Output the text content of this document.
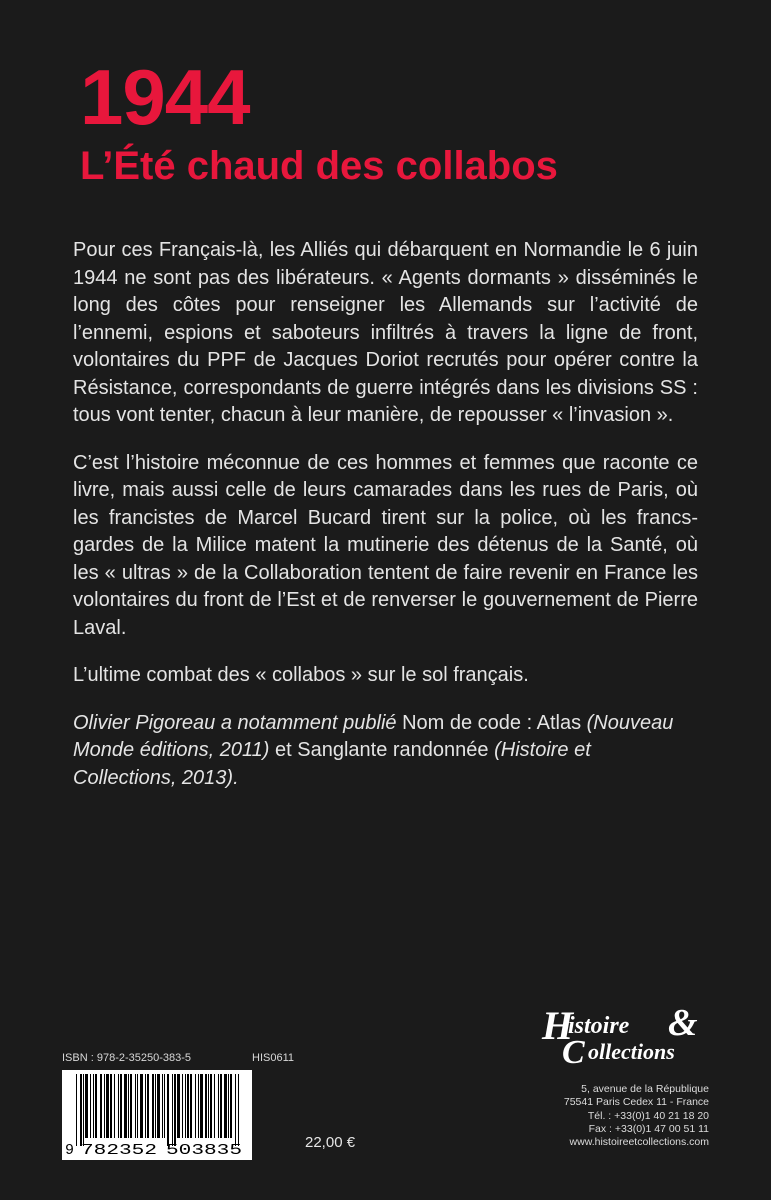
1944
L’Été chaud des collabos

Pour ces Français-là, les Alliés qui débarquent en Normandie le 6 juin 1944 ne sont pas des libérateurs. « Agents dormants » disséminés le long des côtes pour renseigner les Allemands sur l’activité de l’ennemi, espions et saboteurs infiltrés à travers la ligne de front, volontaires du PPF de Jacques Doriot recrutés pour opérer contre la Résistance, correspondants de guerre intégrés dans les divisions SS : tous vont tenter, chacun à leur manière, de repousser « l’invasion ».

C’est l’histoire méconnue de ces hommes et femmes que raconte ce livre, mais aussi celle de leurs camarades dans les rues de Paris, où les francistes de Marcel Bucard tirent sur la police, où les francs-gardes de la Milice matent la mutinerie des détenus de la Santé, où les « ultras » de la Collaboration tentent de faire revenir en France les volontaires du front de l’Est et de renverser le gouvernement de Pierre Laval.

L’ultime combat des « collabos » sur le sol français.

Olivier Pigoreau a notamment publié Nom de code : Atlas (Nouveau Monde éditions, 2011) et Sanglante randonnée (Histoire et Collections, 2013).

ISBN : 978-2-35250-383-5	HIS0611
9 782352 503835	22,00 €
H
istoire &
C ollections
5, avenue de la République
75541 Paris Cedex 11 - France
Tél. : +33(0)1 40 21 18 20
Fax : +33(0)1 47 00 51 11
www.histoireetcollections.com
